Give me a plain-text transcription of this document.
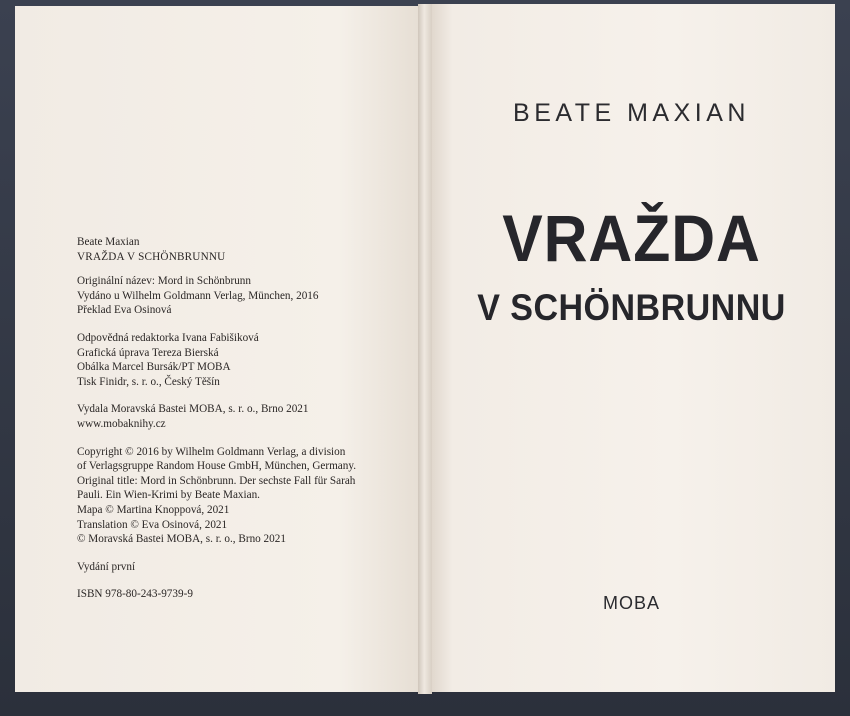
Beate Maxian
VRAŽDA V SCHÖNBRUNNU
Originální název: Mord in Schönbrunn
Vydáno u Wilhelm Goldmann Verlag, München, 2016
Překlad Eva Osinová
Odpovědná redaktorka Ivana Fabišiková
Grafická úprava Tereza Bierská
Obálka Marcel Bursák/PT MOBA
Tisk Finidr, s. r. o., Český Těšín
Vydala Moravská Bastei MOBA, s. r. o., Brno 2021
www.mobaknihy.cz
Copyright © 2016 by Wilhelm Goldmann Verlag, a division
of Verlagsgruppe Random House GmbH, München, Germany.
Original title: Mord in Schönbrunn. Der sechste Fall für Sarah
Pauli. Ein Wien-Krimi by Beate Maxian.
Mapa © Martina Knoppová, 2021
Translation © Eva Osinová, 2021
© Moravská Bastei MOBA, s. r. o., Brno 2021
Vydání první
ISBN 978-80-243-9739-9
BEATE MAXIAN
VRAŽDA
V SCHÖNBRUNNU
MOBA
